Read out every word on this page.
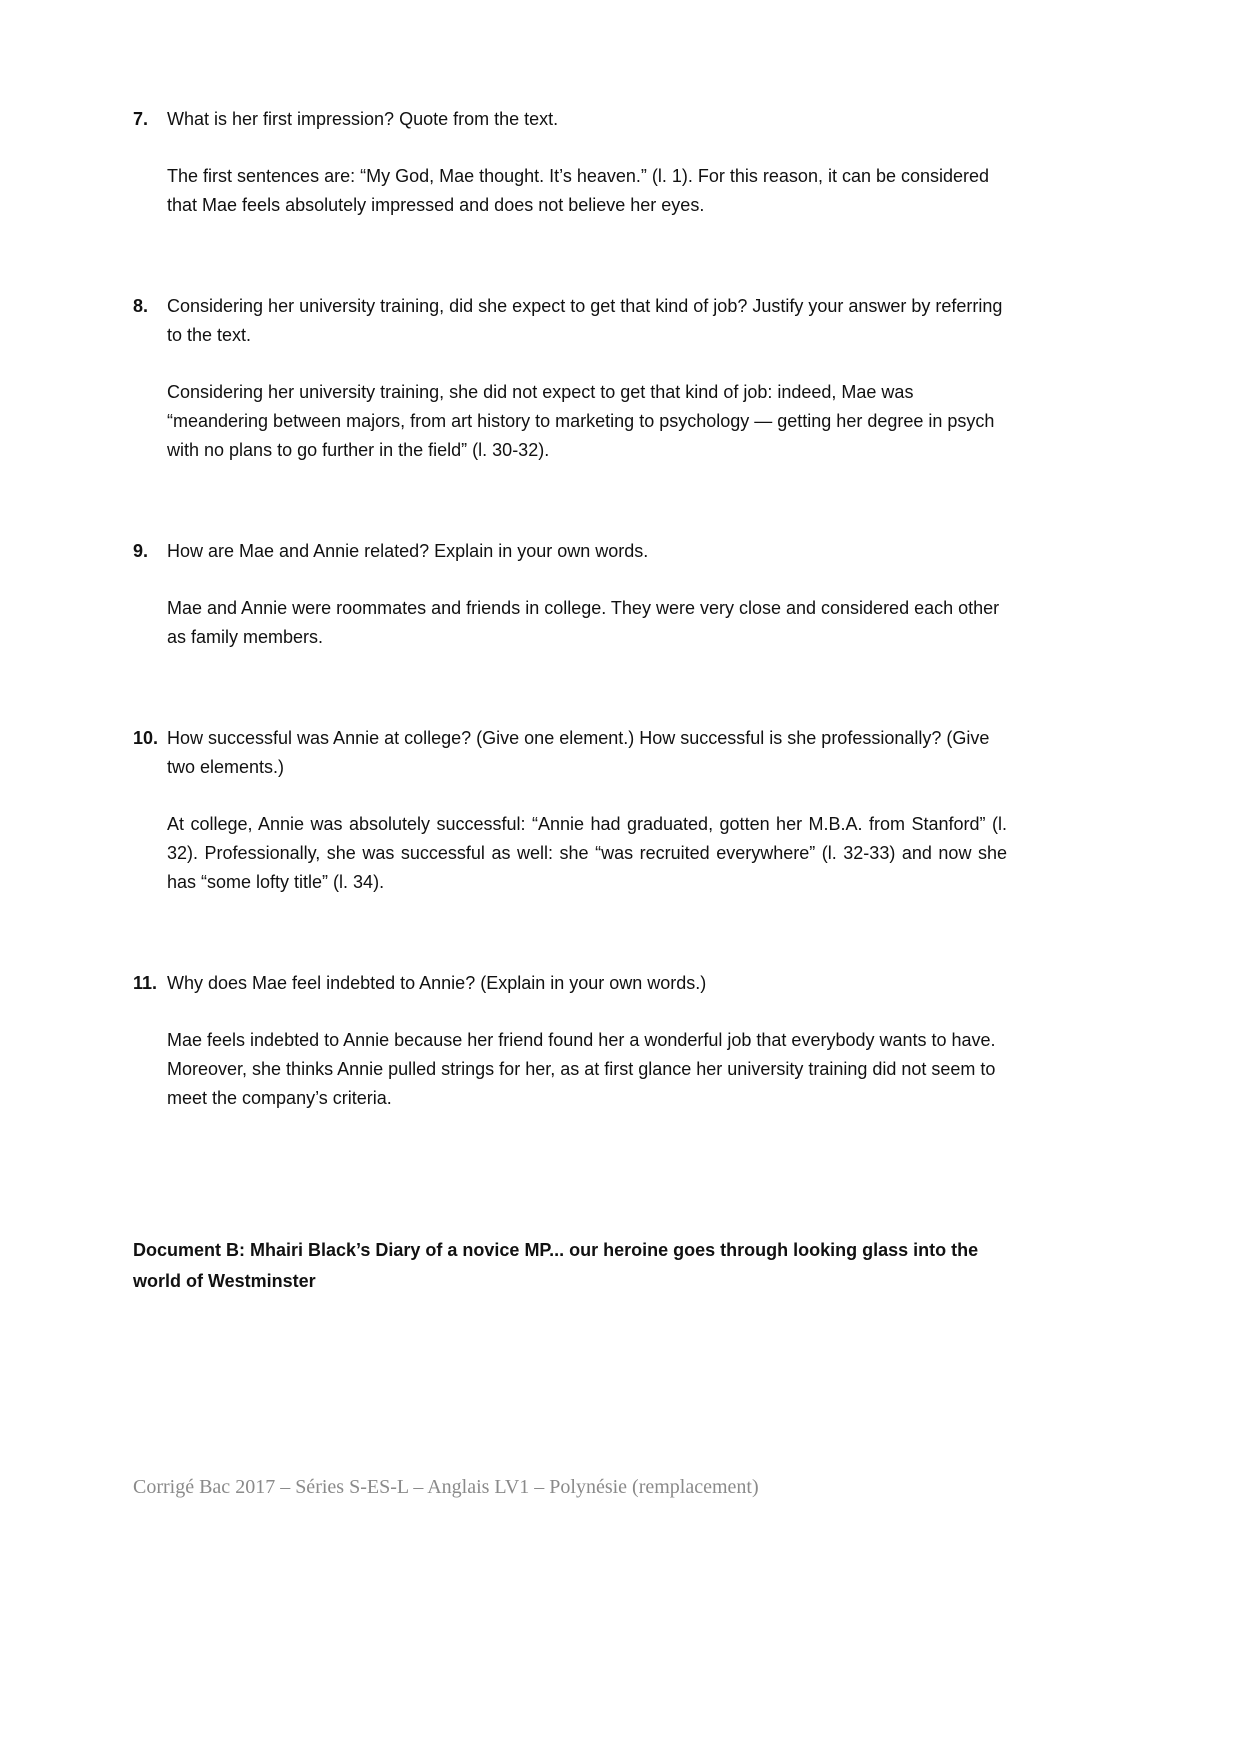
7.	What is her first impression? Quote from the text.

The first sentences are: “My God, Mae thought. It’s heaven.” (l. 1). For this reason, it can be considered that Mae feels absolutely impressed and does not believe her eyes.

8.	Considering her university training, did she expect to get that kind of job? Justify your answer by referring to the text.

Considering her university training, she did not expect to get that kind of job: indeed, Mae was “meandering between majors, from art history to marketing to psychology — getting her degree in psych with no plans to go further in the field” (l. 30-32).

9.	How are Mae and Annie related? Explain in your own words.

Mae and Annie were roommates and friends in college. They were very close and considered each other as family members.

10. How successful was Annie at college? (Give one element.) How successful is she professionally? (Give two elements.)

At college, Annie was absolutely successful: “Annie had graduated, gotten her M.B.A. from Stanford” (l. 32). Professionally, she was successful as well: she “was recruited everywhere” (l. 32-33) and now she has “some lofty title” (l. 34).

11. Why does Mae feel indebted to Annie? (Explain in your own words.)

Mae feels indebted to Annie because her friend found her a wonderful job that everybody wants to have. Moreover, she thinks Annie pulled strings for her, as at first glance her university training did not seem to meet the company’s criteria.

Document B: Mhairi Black’s Diary of a novice MP... our heroine goes through looking glass into the world of Westminster

Corrigé Bac 2017 – Séries S-ES-L – Anglais LV1 – Polynésie (remplacement)
